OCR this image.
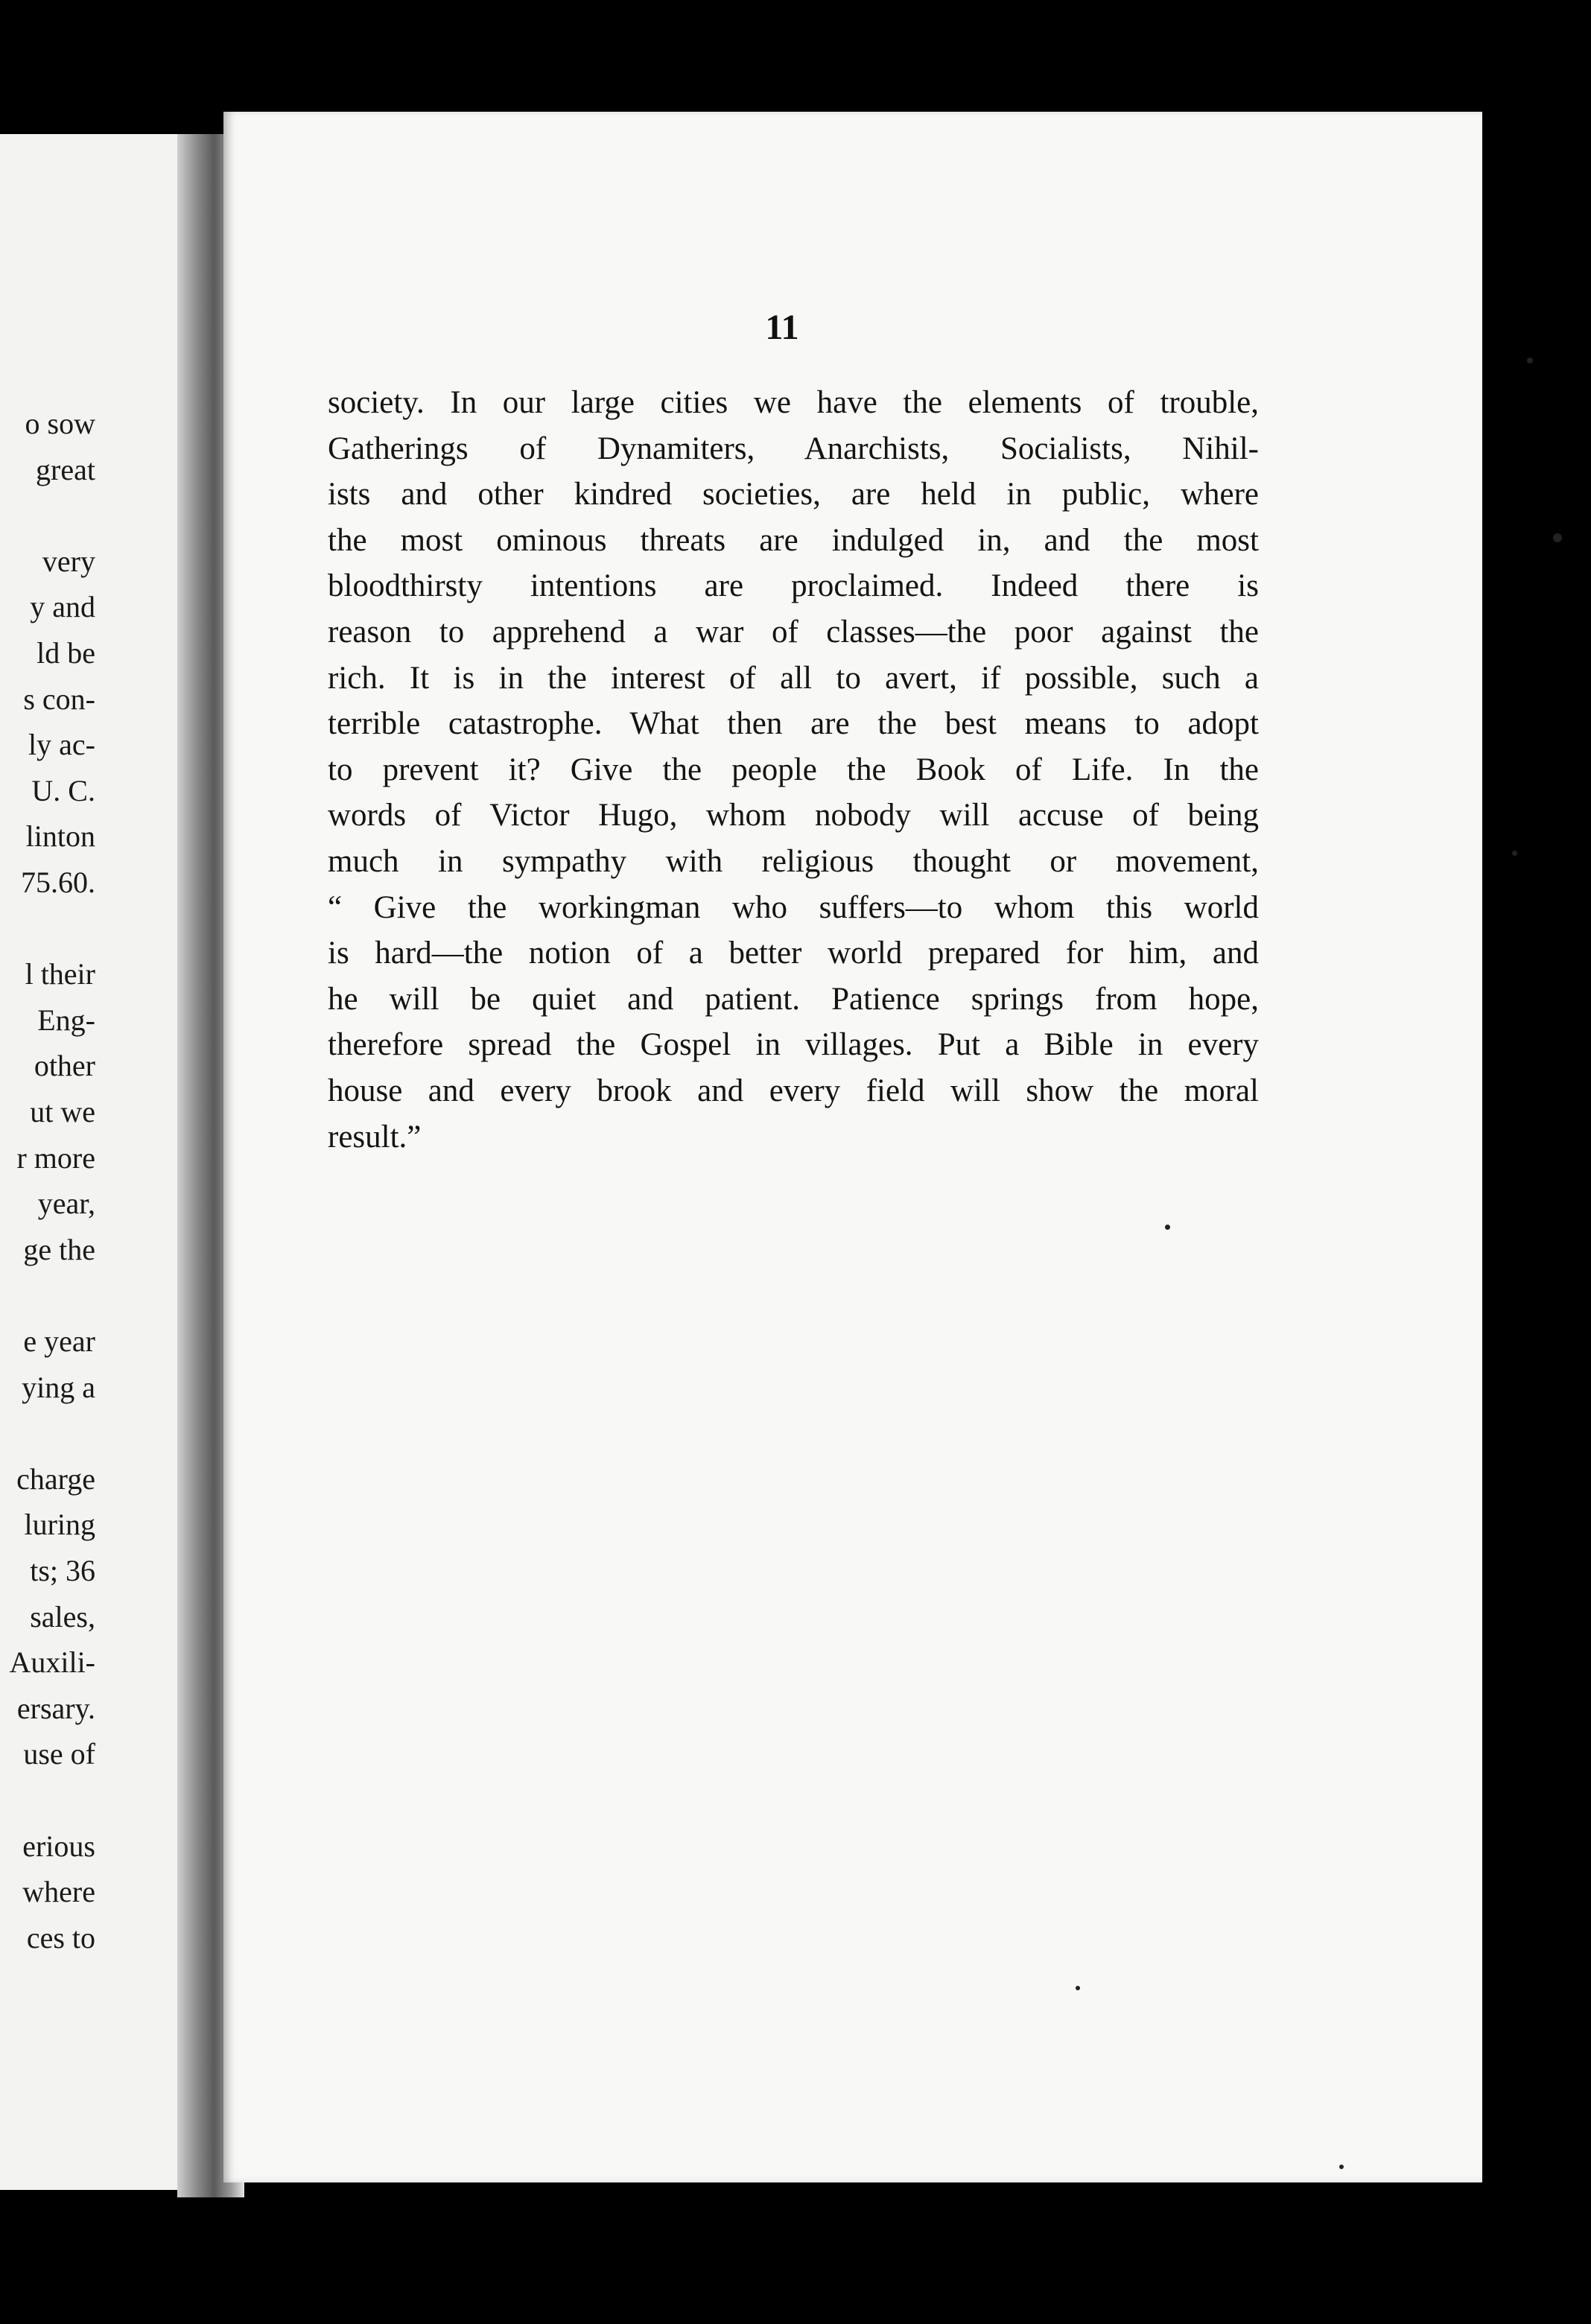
o sow
great
very
y and
ld be
s con-
ly ac-
U. C.
linton
75.60.
l their
Eng-
other
ut we
r more
year,
ge the
e year
ying a
charge
luring
ts; 36
sales,
Auxili-
ersary.
use of
erious
where
ces to
11
society. In our large cities we have the elements of trouble,
Gatherings of Dynamiters, Anarchists, Socialists, Nihil-
ists and other kindred societies, are held in public, where
the most ominous threats are indulged in, and the most
bloodthirsty intentions are proclaimed. Indeed there is
reason to apprehend a war of classes—the poor against the
rich. It is in the interest of all to avert, if possible, such a
terrible catastrophe. What then are the best means to adopt
to prevent it? Give the people the Book of Life. In the
words of Victor Hugo, whom nobody will accuse of being
much in sympathy with religious thought or movement,
“ Give the workingman who suffers—to whom this world
is hard—the notion of a better world prepared for him, and
he will be quiet and patient. Patience springs from hope,
therefore spread the Gospel in villages. Put a Bible in every
house and every brook and every field will show the moral
result.”
